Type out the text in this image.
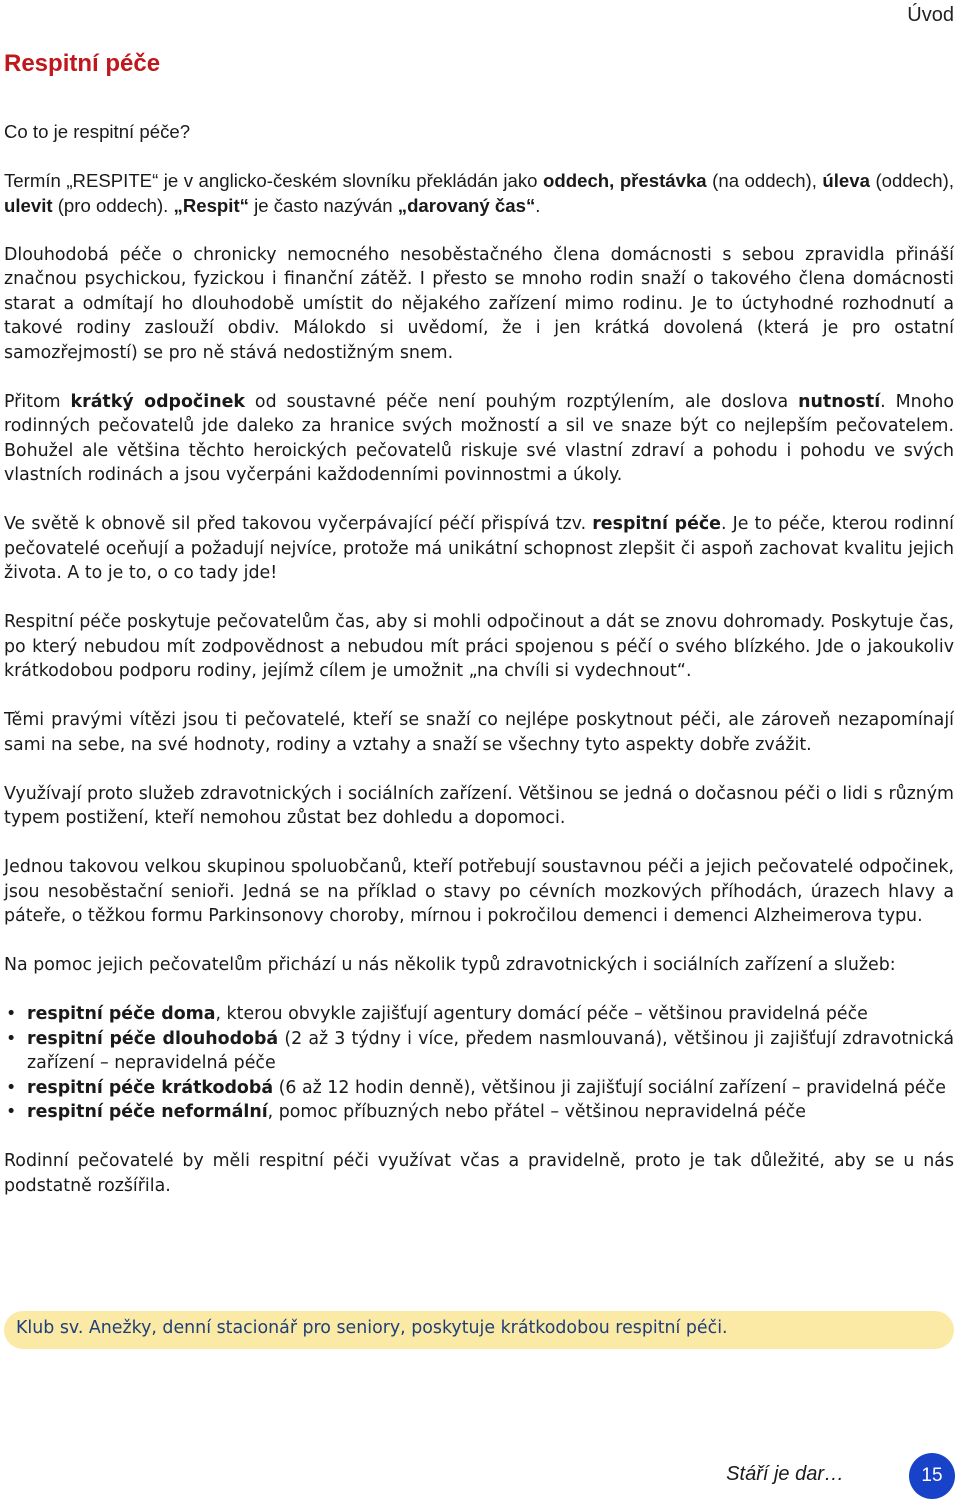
Úvod
Respitní péče

Co to je respitní péče?

Termín „RESPITE“ je v anglicko-českém slovníku překládán jako oddech, přestávka (na oddech), úleva (oddech), ulevit (pro oddech). „Respit“ je často nazýván „darovaný čas“.

Dlouhodobá péče o chronicky nemocného nesoběstačného člena domácnosti s sebou zpravidla přináší značnou psychickou, fyzickou i finanční zátěž. I přesto se mnoho rodin snaží o takového člena domácnosti starat a odmítají ho dlouhodobě umístit do nějakého zařízení mimo rodinu. Je to úctyhodné rozhodnutí a takové rodiny zaslouží obdiv. Málokdo si uvědomí, že i jen krátká dovolená (která je pro ostatní samozřejmostí) se pro ně stává nedostižným snem.

Přitom krátký odpočinek od soustavné péče není pouhým rozptýlením, ale doslova nutností. Mnoho rodinných pečovatelů jde daleko za hranice svých možností a sil ve snaze být co nejlepším pečovatelem. Bohužel ale většina těchto heroických pečovatelů riskuje své vlastní zdraví a pohodu i pohodu ve svých vlastních rodinách a jsou vyčerpáni každodenními povinnostmi a úkoly.

Ve světě k obnově sil před takovou vyčerpávající péčí přispívá tzv. respitní péče. Je to péče, kterou rodinní pečovatelé oceňují a požadují nejvíce, protože má unikátní schopnost zlepšit či aspoň zachovat kvalitu jejich života. A to je to, o co tady jde!

Respitní péče poskytuje pečovatelům čas, aby si mohli odpočinout a dát se znovu dohromady. Poskytuje čas, po který nebudou mít zodpovědnost a nebudou mít práci spojenou s péčí o svého blízkého. Jde o jakoukoliv krátkodobou podporu rodiny, jejímž cílem je umožnit „na chvíli si vydechnout“.

Těmi pravými vítězi jsou ti pečovatelé, kteří se snaží co nejlépe poskytnout péči, ale zároveň nezapomínají sami na sebe, na své hodnoty, rodiny a vztahy a snaží se všechny tyto aspekty dobře zvážit.

Využívají proto služeb zdravotnických i sociálních zařízení. Většinou se jedná o dočasnou péči o lidi s různým typem postižení, kteří nemohou zůstat bez dohledu a dopomoci.

Jednou takovou velkou skupinou spoluobčanů, kteří potřebují soustavnou péči a jejich pečovatelé odpočinek, jsou nesoběstační senioři. Jedná se na příklad o stavy po cévních mozkových příhodách, úrazech hlavy a páteře, o těžkou formu Parkinsonovy choroby, mírnou i pokročilou demenci i demenci Alzheimerova typu.

Na pomoc jejich pečovatelům přichází u nás několik typů zdravotnických i sociálních zařízení a služeb:

• respitní péče doma, kterou obvykle zajišťují agentury domácí péče – většinou pravidelná péče
• respitní péče dlouhodobá (2 až 3 týdny i více, předem nasmlouvaná), většinou ji zajišťují zdravotnická zařízení – nepravidelná péče
• respitní péče krátkodobá (6 až 12 hodin denně), většinou ji zajišťují sociální zařízení – pravidelná péče
• respitní péče neformální, pomoc příbuzných nebo přátel – většinou nepravidelná péče

Rodinní pečovatelé by měli respitní péči využívat včas a pravidelně, proto je tak důležité, aby se u nás podstatně rozšířila.

Klub sv. Anežky, denní stacionář pro seniory, poskytuje krátkodobou respitní péči.
Stáří je dar…	15
